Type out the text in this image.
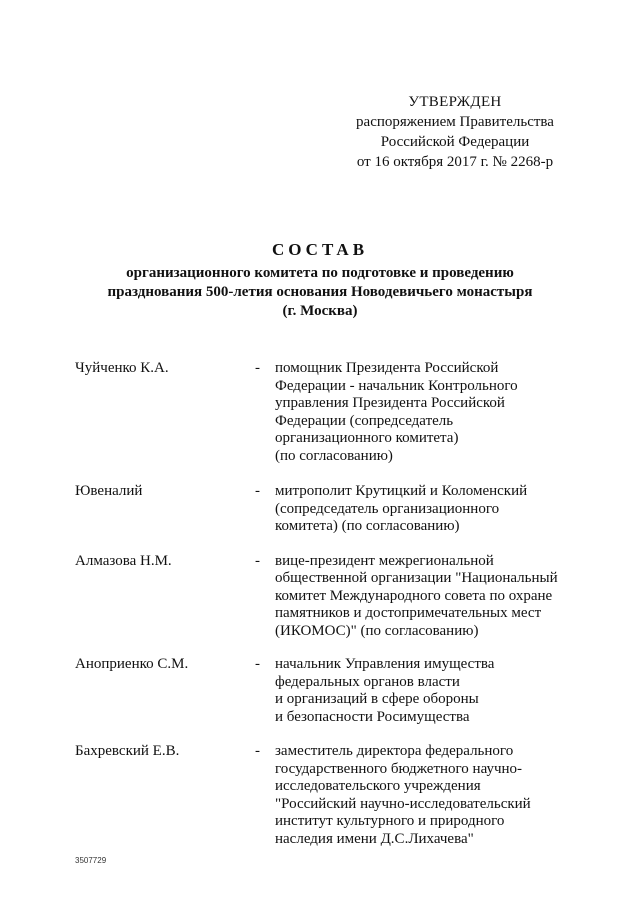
УТВЕРЖДЕН
распоряжением Правительства
Российской Федерации
от 16 октября 2017 г. № 2268-р
СОСТАВ
организационного комитета по подготовке и проведению
празднования 500-летия основания Новодевичьего монастыря
(г. Москва)
Чуйченко К.А.	-	помощник Президента Российской
Федерации - начальник Контрольного
управления Президента Российской
Федерации (сопредседатель
организационного комитета)
(по согласованию)
Ювеналий	-	митрополит Крутицкий и Коломенский
(сопредседатель организационного
комитета) (по согласованию)
Алмазова Н.М.	-	вице-президент межрегиональной
общественной организации "Национальный
комитет Международного совета по охране
памятников и достопримечательных мест
(ИКОМОС)" (по согласованию)
Аноприенко С.М.	-	начальник Управления имущества
федеральных органов власти
и организаций в сфере обороны
и безопасности Росимущества
Бахревский Е.В.	-	заместитель директора федерального
государственного бюджетного научно-
исследовательского учреждения
"Российский научно-исследовательский
институт культурного и природного
наследия имени Д.С.Лихачева"
3507729
